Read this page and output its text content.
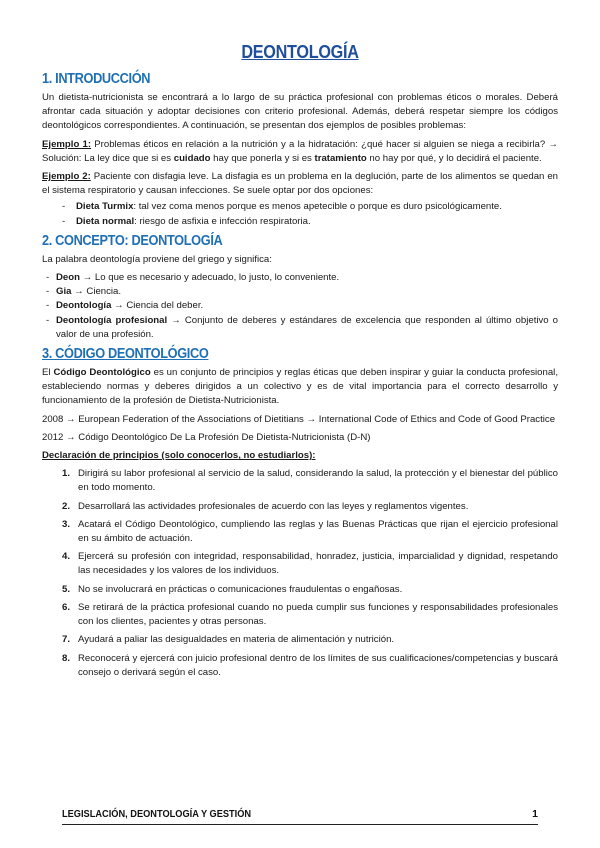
DEONTOLOGÍA
1. INTRODUCCIÓN

Un dietista-nutricionista se encontrará a lo largo de su práctica profesional con problemas éticos o morales. Deberá afrontar cada situación y adoptar decisiones con criterio profesional. Además, deberá respetar siempre los códigos deontológicos correspondientes. A continuación, se presentan dos ejemplos de posibles problemas:

Ejemplo 1: Problemas éticos en relación a la nutrición y a la hidratación: ¿qué hacer si alguien se niega a recibirla? → Solución: La ley dice que si es cuidado hay que ponerla y si es tratamiento no hay por qué, y lo decidirá el paciente.

Ejemplo 2: Paciente con disfagia leve. La disfagia es un problema en la deglución, parte de los alimentos se quedan en el sistema respiratorio y causan infecciones. Se suele optar por dos opciones:

- Dieta Turmix: tal vez coma menos porque es menos apetecible o porque es duro psicológicamente.
- Dieta normal: riesgo de asfixia e infección respiratoria.
2. CONCEPTO: DEONTOLOGÍA

La palabra deontología proviene del griego y significa:

- Deon → Lo que es necesario y adecuado, lo justo, lo conveniente.
- Gia → Ciencia.
- Deontología → Ciencia del deber.
- Deontología profesional → Conjunto de deberes y estándares de excelencia que responden al último objetivo o valor de una profesión.
3. CÓDIGO DEONTOLÓGICO

El Código Deontológico es un conjunto de principios y reglas éticas que deben inspirar y guiar la conducta profesional, estableciendo normas y deberes dirigidos a un colectivo y es de vital importancia para el correcto desarrollo y funcionamiento de la profesión de Dietista-Nutricionista.

2008 → European Federation of the Associations of Dietitians → International Code of Ethics and Code of Good Practice

2012 → Código Deontológico De La Profesión De Dietista-Nutricionista (D-N)

Declaración de principios (solo conocerlos, no estudiarlos):

1. Dirigirá su labor profesional al servicio de la salud, considerando la salud, la protección y el bienestar del público en todo momento.
2. Desarrollará las actividades profesionales de acuerdo con las leyes y reglamentos vigentes.
3. Acatará el Código Deontológico, cumpliendo las reglas y las Buenas Prácticas que rijan el ejercicio profesional en su ámbito de actuación.
4. Ejercerá su profesión con integridad, responsabilidad, honradez, justicia, imparcialidad y dignidad, respetando las necesidades y los valores de los individuos.
5. No se involucrará en prácticas o comunicaciones fraudulentas o engañosas.
6. Se retirará de la práctica profesional cuando no pueda cumplir sus funciones y responsabilidades profesionales con los clientes, pacientes y otras personas.
7. Ayudará a paliar las desigualdades en materia de alimentación y nutrición.
8. Reconocerá y ejercerá con juicio profesional dentro de los límites de sus cualificaciones/competencias y buscará consejo o derivará según el caso.
LEGISLACIÓN, DEONTOLOGÍA Y GESTIÓN	1
